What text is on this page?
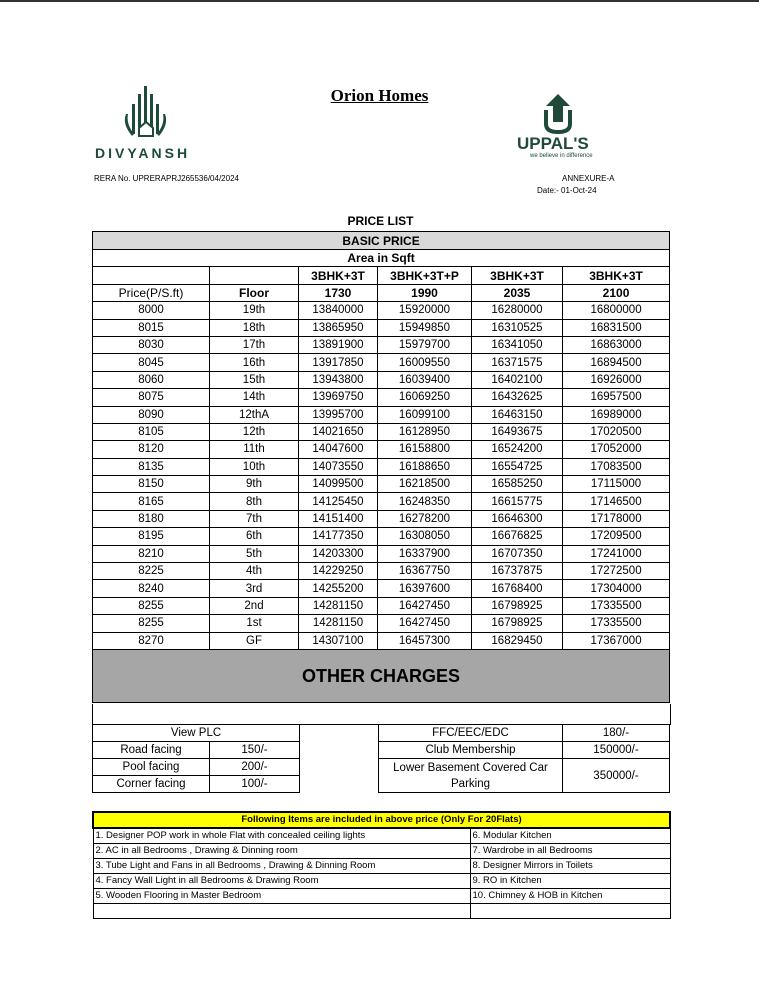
DIVYANSH
RERA No. UPRERAPRJ265536/04/2024
Orion Homes
UPPAL'S
we believe in difference
ANNEXURE-A
Date:- 01-Oct-24
PRICE LIST
BASIC PRICE					
Area in Sqft					
		3BHK+3T	3BHK+3T+P	3BHK+3T	3BHK+3T
Price(P/S.ft)	Floor	1730	1990	2035	2100
8000	19th	13840000	15920000	16280000	16800000
8015	18th	13865950	15949850	16310525	16831500
8030	17th	13891900	15979700	16341050	16863000
8045	16th	13917850	16009550	16371575	16894500
8060	15th	13943800	16039400	16402100	16926000
8075	14th	13969750	16069250	16432625	16957500
8090	12thA	13995700	16099100	16463150	16989000
8105	12th	14021650	16128950	16493675	17020500
8120	11th	14047600	16158800	16524200	17052000
8135	10th	14073550	16188650	16554725	17083500
8150	9th	14099500	16218500	16585250	17115000
8165	8th	14125450	16248350	16615775	17146500
8180	7th	14151400	16278200	16646300	17178000
8195	6th	14177350	16308050	16676825	17209500
8210	5th	14203300	16337900	16707350	17241000
8225	4th	14229250	16367750	16737875	17272500
8240	3rd	14255200	16397600	16768400	17304000
8255	2nd	14281150	16427450	16798925	17335500
8255	1st	14281150	16427450	16798925	17335500
8270	GF	14307100	16457300	16829450	17367000
OTHER CHARGES					
View PLC	
Road facing	150/-
Pool facing	200/-
Corner facing	100/-
FFC/EEC/EDC	180/-
Club Membership	150000/-
Lower Basement Covered Car Parking	350000/-
Following Items are included in above price (Only For 20Flats)	
1. Designer POP work in whole Flat with concealed ceiling lights	6. Modular Kitchen
2. AC in all Bedrooms , Drawing & Dinning room	7. Wardrobe in all Bedrooms
3. Tube Light and Fans in all Bedrooms , Drawing & Dinning Room	8. Designer Mirrors in Toilets
4. Fancy Wall Light in all Bedrooms & Drawing Room	9. RO in Kitchen
5. Wooden Flooring in Master Bedroom	10. Chimney & HOB in Kitchen
